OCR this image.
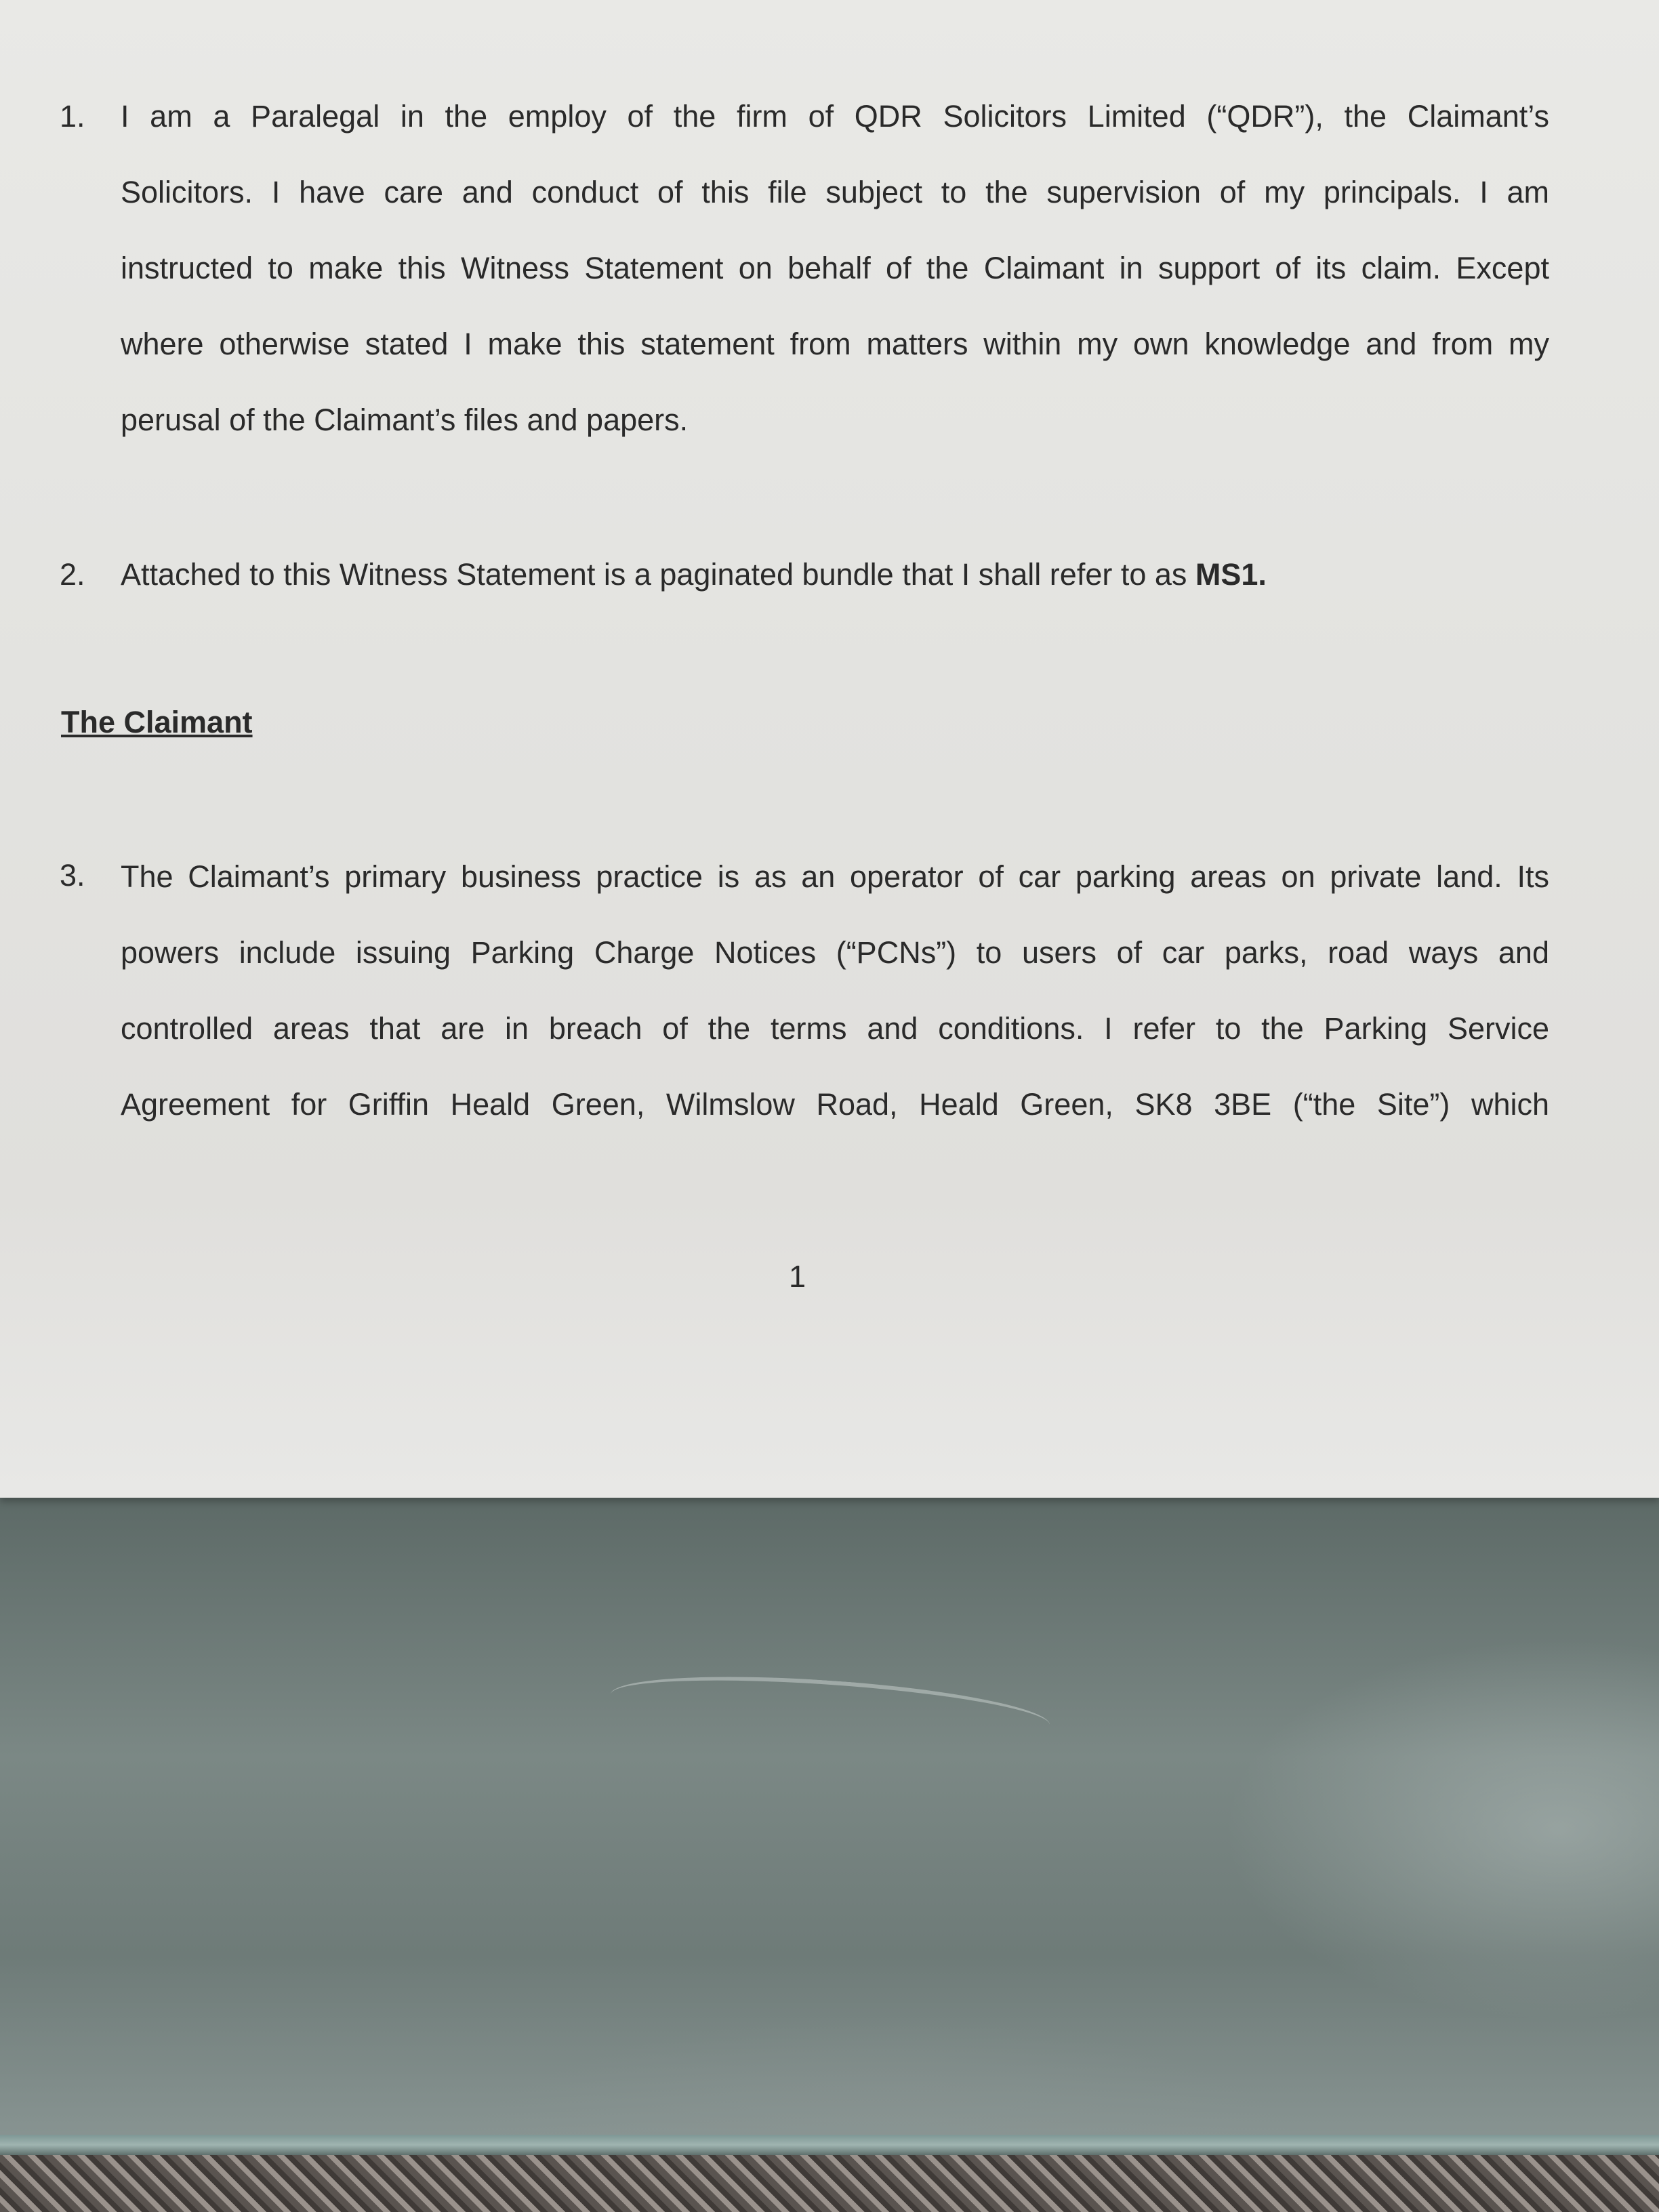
1. I am a Paralegal in the employ of the firm of QDR Solicitors Limited (“QDR”), the Claimant’s
Solicitors. I have care and conduct of this file subject to the supervision of my principals. I am
instructed to make this Witness Statement on behalf of the Claimant in support of its claim. Except
where otherwise stated I make this statement from matters within my own knowledge and from my
perusal of the Claimant’s files and papers.
2. Attached to this Witness Statement is a paginated bundle that I shall refer to as MS1.
The Claimant
3. The Claimant’s primary business practice is as an operator of car parking areas on private land. Its
powers include issuing Parking Charge Notices (“PCNs”) to users of car parks, road ways and
controlled areas that are in breach of the terms and conditions. I refer to the Parking Service
Agreement for Griffin Heald Green, Wilmslow Road, Heald Green, SK8 3BE (“the Site”) which
1
